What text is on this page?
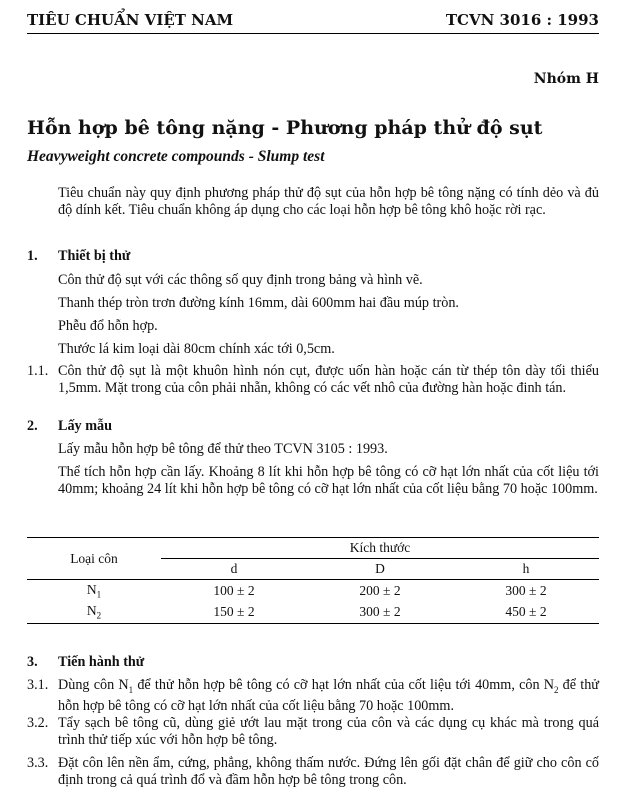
TIÊU CHUẨN VIỆT NAM	TCVN 3016 : 1993
Nhóm H
Hỗn hợp bê tông nặng - Phương pháp thử độ sụt
Heavyweight concrete compounds - Slump test
Tiêu chuẩn này quy định phương pháp thử độ sụt của hỗn hợp bê tông nặng có tính dẻo và đủ độ dính kết. Tiêu chuẩn không áp dụng cho các loại hỗn hợp bê tông khô hoặc rời rạc.
1. Thiết bị thử
Côn thử độ sụt với các thông số quy định trong bảng và hình vẽ.
Thanh thép tròn trơn đường kính 16mm, dài 600mm hai đầu múp tròn.
Phễu đổ hỗn hợp.
Thước lá kim loại dài 80cm chính xác tới 0,5cm.
1.1. Côn thử độ sụt là một khuôn hình nón cụt, được uốn hàn hoặc cán từ thép tôn dày tối thiểu 1,5mm. Mặt trong của côn phải nhẵn, không có các vết nhô của đường hàn hoặc đinh tán.
2. Lấy mẫu
Lấy mẫu hỗn hợp bê tông để thử theo TCVN 3105 : 1993.
Thể tích hỗn hợp cần lấy. Khoảng 8 lít khi hỗn hợp bê tông có cỡ hạt lớn nhất của cốt liệu tới 40mm; khoảng 24 lít khi hỗn hợp bê tông có cỡ hạt lớn nhất của cốt liệu bằng 70 hoặc 100mm.
Loại côn	Kích thước		
	d	D	h
$N_1$	100 ± 2	200 ± 2	300 ± 2
$N_2$	150 ± 2	300 ± 2	450 ± 2
3. Tiến hành thử
3.1. Dùng côn $N_1$ để thử hỗn hợp bê tông có cỡ hạt lớn nhất của cốt liệu tới 40mm, côn $N_2$ để thử hỗn hợp bê tông có cỡ hạt lớn nhất của cốt liệu bằng 70 hoặc 100mm.
3.2. Tẩy sạch bê tông cũ, dùng giẻ ướt lau mặt trong của côn và các dụng cụ khác mà trong quá trình thử tiếp xúc với hỗn hợp bê tông.
3.3. Đặt côn lên nền ẩm, cứng, phẳng, không thấm nước. Đứng lên gối đặt chân để giữ cho côn cố định trong cả quá trình đổ và đầm hỗn hợp bê tông trong côn.
